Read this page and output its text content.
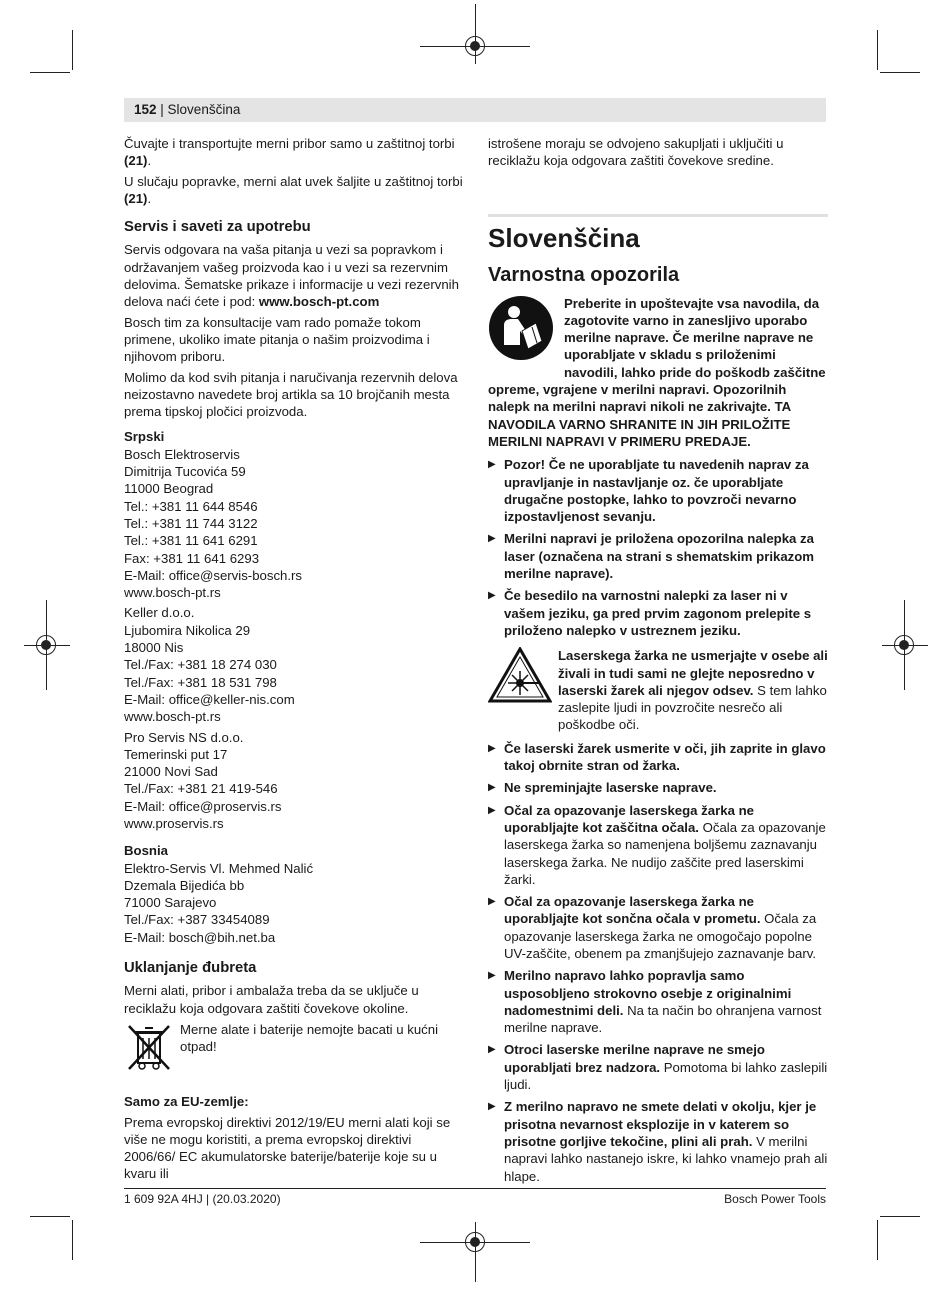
152 | Slovenščina

Čuvajte i transportujte merni pribor samo u zaštitnoj torbi (21).

U slučaju popravke, merni alat uvek šaljite u zaštitnoj torbi (21).

Servis i saveti za upotrebu

Servis odgovara na vaša pitanja u vezi sa popravkom i održavanjem vašeg proizvoda kao i u vezi sa rezervnim delovima. Šematske prikaze i informacije u vezi rezervnih delova naći ćete i pod: www.bosch-pt.com

Bosch tim za konsultacije vam rado pomaže tokom primene, ukoliko imate pitanja o našim proizvodima i njihovom priboru.

Molimo da kod svih pitanja i naručivanja rezervnih delova neizostavno navedete broj artikla sa 10 brojčanih mesta prema tipskoj pločici proizvoda.

Srpski
Bosch Elektroservis
Dimitrija Tucovića 59
11000 Beograd
Tel.: +381 11 644 8546
Tel.: +381 11 744 3122
Tel.: +381 11 641 6291
Fax: +381 11 641 6293
E-Mail: office@servis-bosch.rs
www.bosch-pt.rs
Keller d.o.o.
Ljubomira Nikolica 29
18000 Nis
Tel./Fax: +381 18 274 030
Tel./Fax: +381 18 531 798
E-Mail: office@keller-nis.com
www.bosch-pt.rs
Pro Servis NS d.o.o.
Temerinski put 17
21000 Novi Sad
Tel./Fax: +381 21 419-546
E-Mail: office@proservis.rs
www.proservis.rs
Bosnia
Elektro-Servis Vl. Mehmed Nalić
Dzemala Bijedića bb
71000 Sarajevo
Tel./Fax: +387 33454089
E-Mail: bosch@bih.net.ba
Uklanjanje đubreta

Merni alati, pribor i ambalaža treba da se uključe u reciklažu koja odgovara zaštiti čovekove okoline.

Merne alate i baterije nemojte bacati u kućni otpad!
Samo za EU-zemlje:

Prema evropskoj direktivi 2012/19/EU merni alati koji se više ne mogu koristiti, a prema evropskoj direktivi 2006/66/ EC akumulatorske baterije/baterije koje su u kvaru ili

istrošene moraju se odvojeno sakupljati i uključiti u reciklažu koja odgovara zaštiti čovekove sredine.

Slovenščina
Varnostna opozorila
Preberite in upoštevajte vsa navodila, da zagotovite varno in zanesljivo uporabo merilne naprave. Če merilne naprave ne uporabljate v skladu s priloženimi navodili, lahko pride do poškodb zaščitne opreme, vgrajene v merilni napravi. Opozorilnih nalepk na merilni napravi nikoli ne zakrivajte. TA NAVODILA VARNO SHRANITE IN JIH PRILOŽITE MERILNI NAPRAVI V PRIMERU PREDAJE.
▶ Pozor! Če ne uporabljate tu navedenih naprav za upravljanje in nastavljanje oz. če uporabljate drugačne postopke, lahko to povzroči nevarno izpostavljenost sevanju.
▶ Merilni napravi je priložena opozorilna nalepka za laser (označena na strani s shematskim prikazom merilne naprave).
▶ Če besedilo na varnostni nalepki za laser ni v vašem jeziku, ga pred prvim zagonom prelepite s priloženo nalepko v ustreznem jeziku.
Laserskega žarka ne usmerjajte v osebe ali živali in tudi sami ne glejte neposredno v laserski žarek ali njegov odsev. S tem lahko zaslepite ljudi in povzročite nesrečo ali poškodbe oči.
▶ Če laserski žarek usmerite v oči, jih zaprite in glavo takoj obrnite stran od žarka.
▶ Ne spreminjajte laserske naprave.
▶ Očal za opazovanje laserskega žarka ne uporabljajte kot zaščitna očala. Očala za opazovanje laserskega žarka so namenjena boljšemu zaznavanju laserskega žarka. Ne nudijo zaščite pred laserskimi žarki.
▶ Očal za opazovanje laserskega žarka ne uporabljajte kot sončna očala v prometu. Očala za opazovanje laserskega žarka ne omogočajo popolne UV-zaščite, obenem pa zmanjšujejo zaznavanje barv.
▶ Merilno napravo lahko popravlja samo usposobljeno strokovno osebje z originalnimi nadomestnimi deli. Na ta način bo ohranjena varnost merilne naprave.
▶ Otroci laserske merilne naprave ne smejo uporabljati brez nadzora. Pomotoma bi lahko zaslepili ljudi.
▶ Z merilno napravo ne smete delati v okolju, kjer je prisotna nevarnost eksplozije in v katerem so prisotne gorljive tekočine, plini ali prah. V merilni napravi lahko nastanejo iskre, ki lahko vnamejo prah ali hlape.
1 609 92A 4HJ | (20.03.2020)	Bosch Power Tools
